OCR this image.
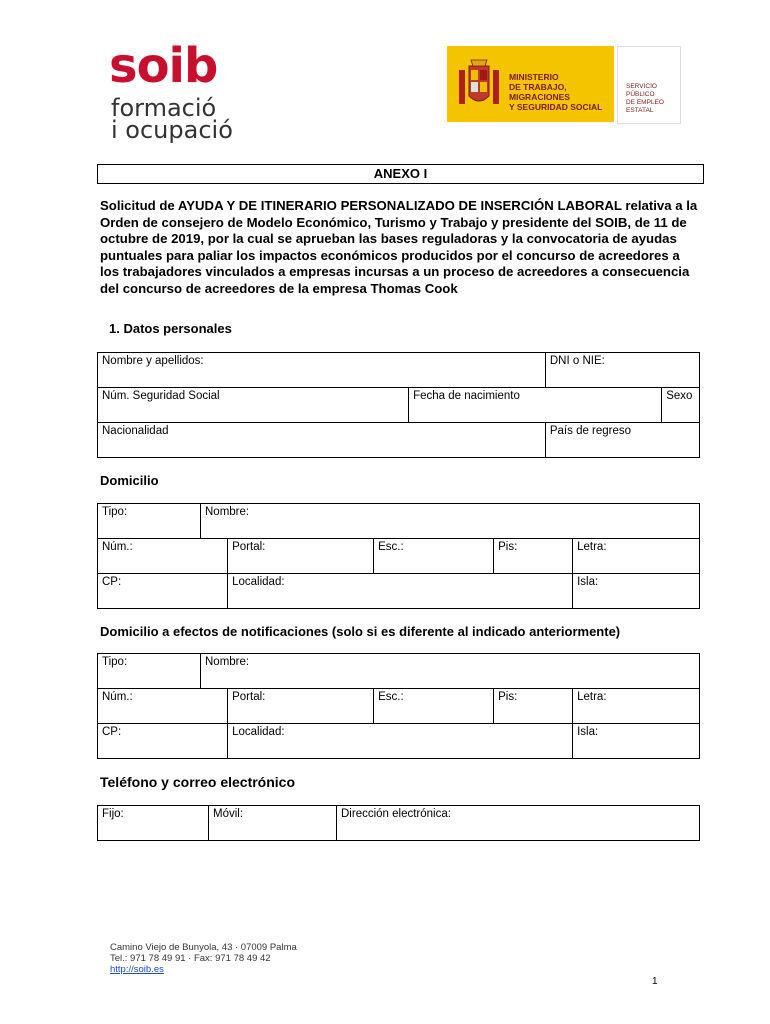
soib
formació
i ocupació
MINISTERIO
DE TRABAJO, MIGRACIONES
Y SEGURIDAD SOCIAL
SERVICIO PÚBLICO
DE EMPLEO ESTATAL
ANEXO I
Solicitud de AYUDA Y DE ITINERARIO PERSONALIZADO DE INSERCIÓN LABORAL relativa a la Orden de consejero de Modelo Económico, Turismo y Trabajo y presidente del SOIB, de 11 de octubre de 2019, por la cual se aprueban las bases reguladoras y la convocatoria de ayudas puntuales para paliar los impactos económicos producidos por el concurso de acreedores a los trabajadores vinculados a empresas incursas a un proceso de acreedores a consecuencia del concurso de acreedores de la empresa Thomas Cook
1. Datos personales
Nombre y apellidos:		DNI o NIE:	
Núm. Seguridad Social	Fecha de nacimiento		Sexo
Nacionalidad		País de regreso	
Domicilio
Tipo:	Nombre:				
Núm.:		Portal:	Esc.:	Pis:	Letra:
CP:		Localidad:			Isla:
Domicilio a efectos de notificaciones (solo si es diferente al indicado anteriormente)
Tipo:	Nombre:				
Núm.:		Portal:	Esc.:	Pis:	Letra:
CP:		Localidad:			Isla:
Teléfono y correo electrónico
Fijo:	Móvil:	Dirección electrónica:
Camino Viejo de Bunyola, 43 · 07009 Palma
Tel.: 971 78 49 91 · Fax: 971 78 49 42
http://soib.es
1
